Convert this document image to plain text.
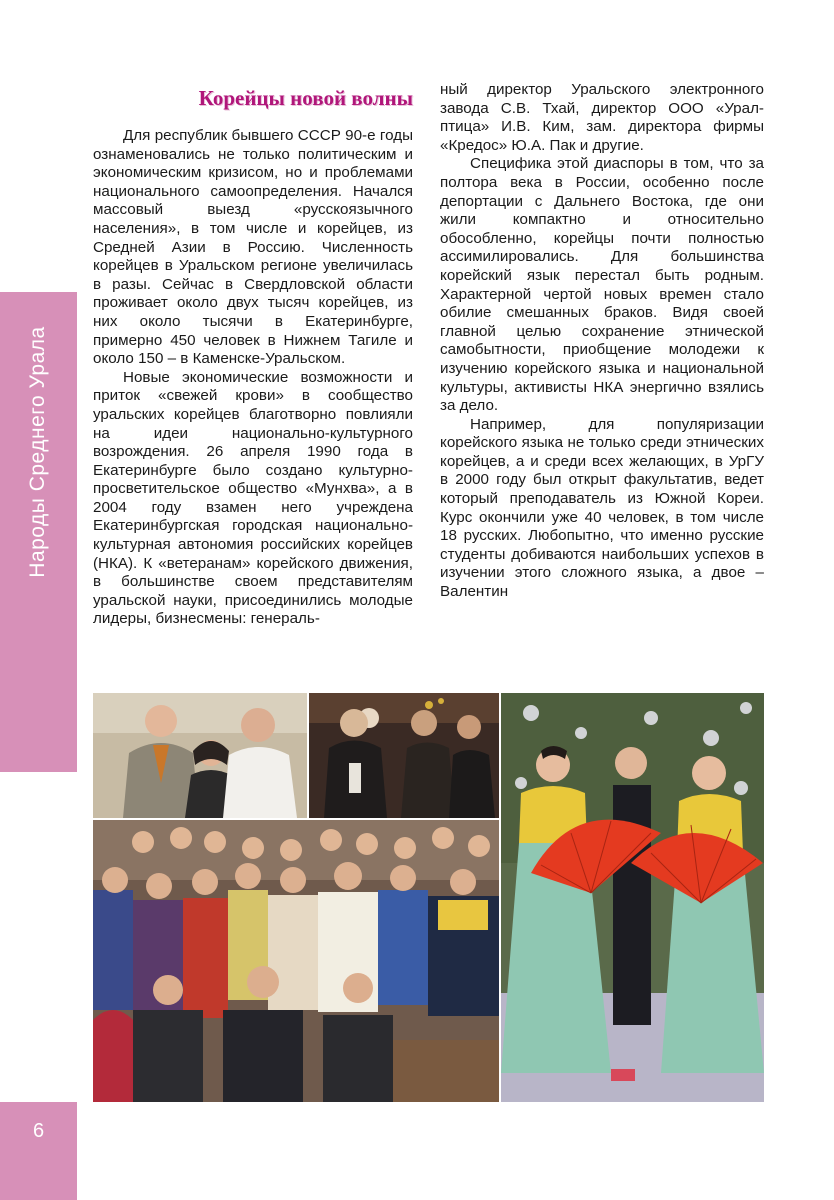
Народы Среднего Урала
6
Корейцы новой волны

Для республик бывшего СССР 90-е годы ознаменовались не только политическим и экономическим кризисом, но и проблемами национального самоопределения. Начался массовый выезд «русскоязычного населения», в том числе и корейцев, из Средней Азии в Россию. Численность корейцев в Уральском регионе увеличилась в разы. Сейчас в Свердловской области проживает около двух тысяч корейцев, из них около тысячи в Екатеринбурге, примерно 450 человек в Нижнем Тагиле и около 150 – в Каменске-Уральском.

Новые экономические возможности и приток «свежей крови» в сообщество уральских корейцев благотворно повлияли на идеи национально-культурного возрождения. 26 апреля 1990 года в Екатеринбурге было создано культурно-просветительское общество «Мунхва», а в 2004 году взамен него учреждена Екатеринбургская городская национально-культурная автономия российских корейцев (НКА). К «ветеранам» корейского движения, в большинстве своем представителям уральской науки, присоединились молодые лидеры, бизнесмены: генераль-

ный директор Уральского электронного завода С.В. Тхай, директор ООО «Урал-птица» И.В. Ким, зам. директора фирмы «Кредос» Ю.А. Пак и другие.

Специфика этой диаспоры в том, что за полтора века в России, особенно после депортации с Дальнего Востока, где они жили компактно и относительно обособленно, корейцы почти полностью ассимилировались. Для большинства корейский язык перестал быть родным. Характерной чертой новых времен стало обилие смешанных браков. Видя своей главной целью сохранение этнической самобытности, приобщение молодежи к изучению корейского языка и национальной культуры, активисты НКА энергично взялись за дело.

Например, для популяризации корейского языка не только среди этнических корейцев, а и среди всех желающих, в УрГУ в 2000 году был открыт факультатив, ведет который преподаватель из Южной Кореи. Курс окончили уже 40 человек, в том числе 18 русских. Любопытно, что именно русские студенты добиваются наибольших успехов в изучении этого сложного языка, а двое – Валентин
